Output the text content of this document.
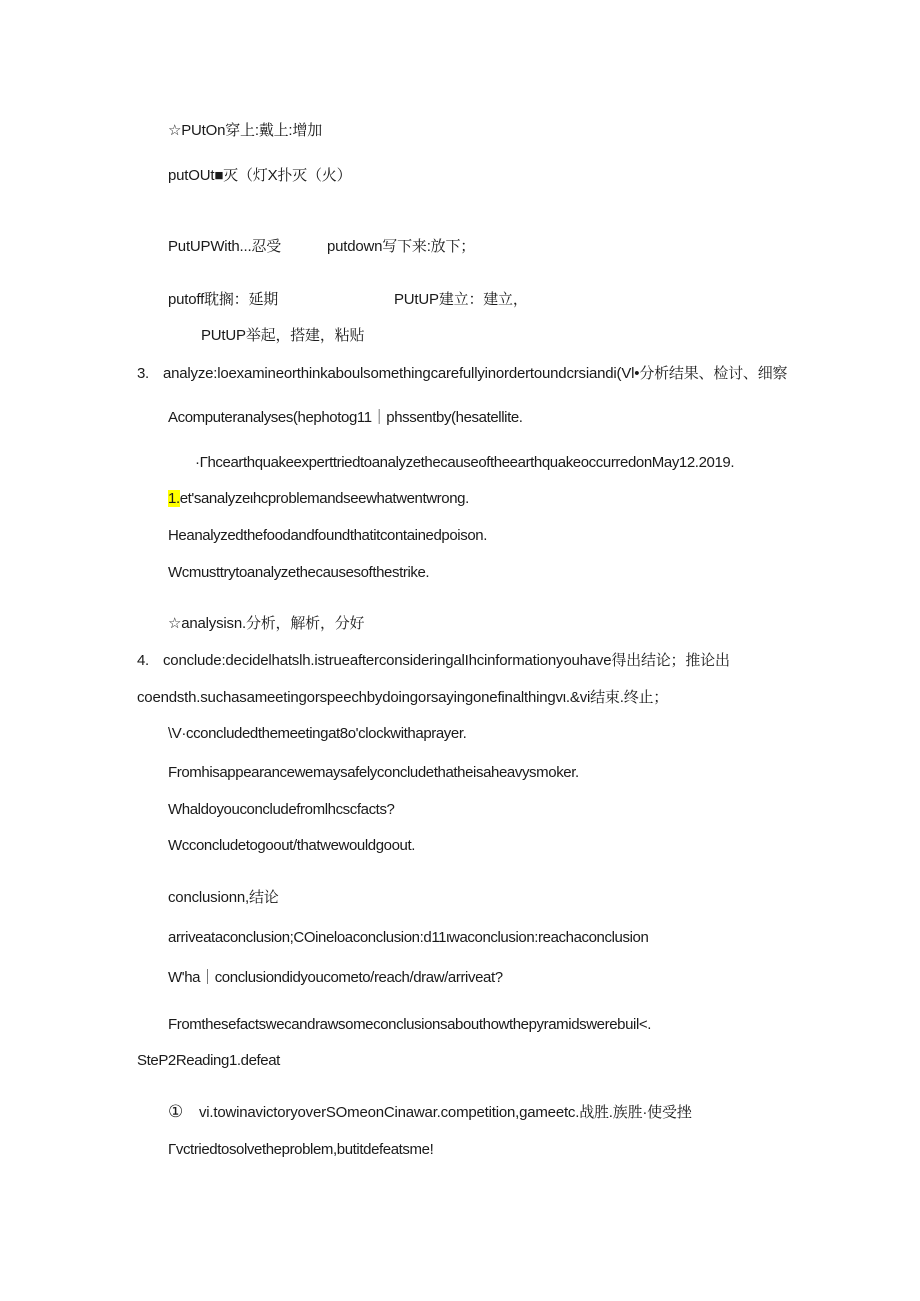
☆PUtOn穿上:戴上:增加
putOUt■灭（灯X扑灭（火）
PutUPWith...忍受	putdown写下来:放下；
putoff耽搁：延期	PUtUP建立：建立，
PUtUP举起，搭建，粘贴
3. analyze:loexamineorthinkaboulsomethingcarefullyinordertoundcrsiandi(Vl•分析结果、检讨、细察
Acomputeranalyses(hephotog11｜phssentby(hesatellite.
·ΓhcearthquakeexperttriedtoanalyzethecauseoftheearthquakeoccurredonMay12.2019.
1.et'sanalyzeιhcproblemandseewhatwentwrong.
Heanalyzedthefoodandfoundthatitcontainedpoison.
Wcmusttrytoanalyzethecausesofthestrike.
☆analysisn.分析，解析，分好
4. conclude:decidelhatslh.istrueafterconsideringalIhcinformationyouhave得出结论；推论出
coendsth.suchasameetingorspeechbydoingorsayingonefinalthingvι.&vi结束.终止；
\V·cconcludedthemeetingat8o'clockwithaprayer.
Fromhisappearancewemaysafelyconcludethatheisaheavysmoker.
Whaldoyouconcludefromlhcscfacts?
Wcconcludetogoout/thatwewouldgoout.
conclusionn,结论
arriveataconclusion;COineloaconclusion:d11ιwaconclusion:reachaconclusion
W'ha｜conclusiondidyoucometo/reach/draw/arriveat?
Fromthesefactswecandrawsomeconclusionsabouthowthepyramidswerebuil<.
SteP2Reading1.defeat
① vi.towinavictoryoverSOmeonCinawar.competition,gameetc.战胜.族胜·使受挫
Γvctriedtosolvetheproblem,butitdefeatsme!
